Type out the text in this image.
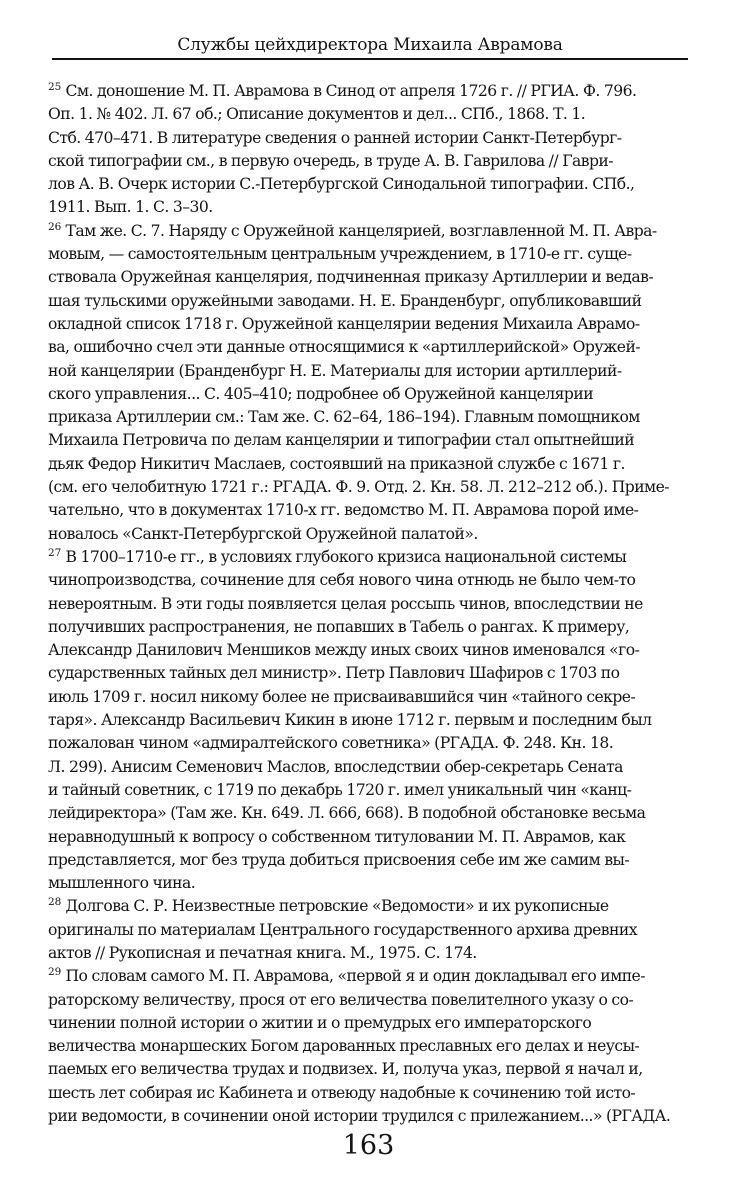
Службы цейхдиректора Михаила Аврамова

$^{25}$ См. доношение М. П. Аврамова в Синод от апреля 1726 г. // РГИА. Ф. 796.
Оп. 1. № 402. Л. 67 об.; Описание документов и дел... СПб., 1868. Т. 1.
Стб. 470–471. В литературе сведения о ранней истории Санкт-Петербург-
ской типографии см., в первую очередь, в труде А. В. Гаврилова // Гаври-
лов А. В. Очерк истории С.-Петербургской Синодальной типографии. СПб.,
1911. Вып. 1. С. 3–30.

$^{26}$ Там же. С. 7. Наряду с Оружейной канцелярией, возглавленной М. П. Авра-
мовым, — самостоятельным центральным учреждением, в 1710-е гг. суще-
ствовала Оружейная канцелярия, подчиненная приказу Артиллерии и ведав-
шая тульскими оружейными заводами. Н. Е. Бранденбург, опубликовавший
окладной список 1718 г. Оружейной канцелярии ведения Михаила Аврамо-
ва, ошибочно счел эти данные относящимися к «артиллерийской» Оружей-
ной канцелярии (Бранденбург Н. Е. Материалы для истории артиллерий-
ского управления... С. 405–410; подробнее об Оружейной канцелярии
приказа Артиллерии см.: Там же. С. 62–64, 186–194). Главным помощником
Михаила Петровича по делам канцелярии и типографии стал опытнейший
дьяк Федор Никитич Маслаев, состоявший на приказной службе с 1671 г.
(см. его челобитную 1721 г.: РГАДА. Ф. 9. Отд. 2. Кн. 58. Л. 212–212 об.). Приме-
чательно, что в документах 1710-х гг. ведомство М. П. Аврамова порой име-
новалось «Санкт-Петербургской Оружейной палатой».

$^{27}$ В 1700–1710-е гг., в условиях глубокого кризиса национальной системы
чинопроизводства, сочинение для себя нового чина отнюдь не было чем-то
невероятным. В эти годы появляется целая россыпь чинов, впоследствии не
получивших распространения, не попавших в Табель о рангах. К примеру,
Александр Данилович Меншиков между иных своих чинов именовался «го-
сударственных тайных дел министр». Петр Павлович Шафиров с 1703 по
июль 1709 г. носил никому более не присваивавшийся чин «тайного секре-
таря». Александр Васильевич Кикин в июне 1712 г. первым и последним был
пожалован чином «адмиралтейского советника» (РГАДА. Ф. 248. Кн. 18.
Л. 299). Анисим Семенович Маслов, впоследствии обер-секретарь Сената
и тайный советник, с 1719 по декабрь 1720 г. имел уникальный чин «канц-
лейдиректора» (Там же. Кн. 649. Л. 666, 668). В подобной обстановке весьма
неравнодушный к вопросу о собственном титуловании М. П. Аврамов, как
представляется, мог без труда добиться присвоения себе им же самим вы-
мышленного чина.

$^{28}$ Долгова С. Р. Неизвестные петровские «Ведомости» и их рукописные
оригиналы по материалам Центрального государственного архива древних
актов // Рукописная и печатная книга. М., 1975. С. 174.

$^{29}$ По словам самого М. П. Аврамова, «первой я и один докладывал его импе-
раторскому величеству, прося от его величества повелителного указу о со-
чинении полной истории о житии и о премудрых его императорского
величества монаршеских Богом дарованных преславных его делах и неусы-
паемых его величества трудах и подвизех. И, получа указ, первой я начал и,
шесть лет собирая ис Кабинета и отвеюду надобные к сочинению той исто-
рии ведомости, в сочинении оной истории трудился с прилежанием...» (РГАДА.

163
